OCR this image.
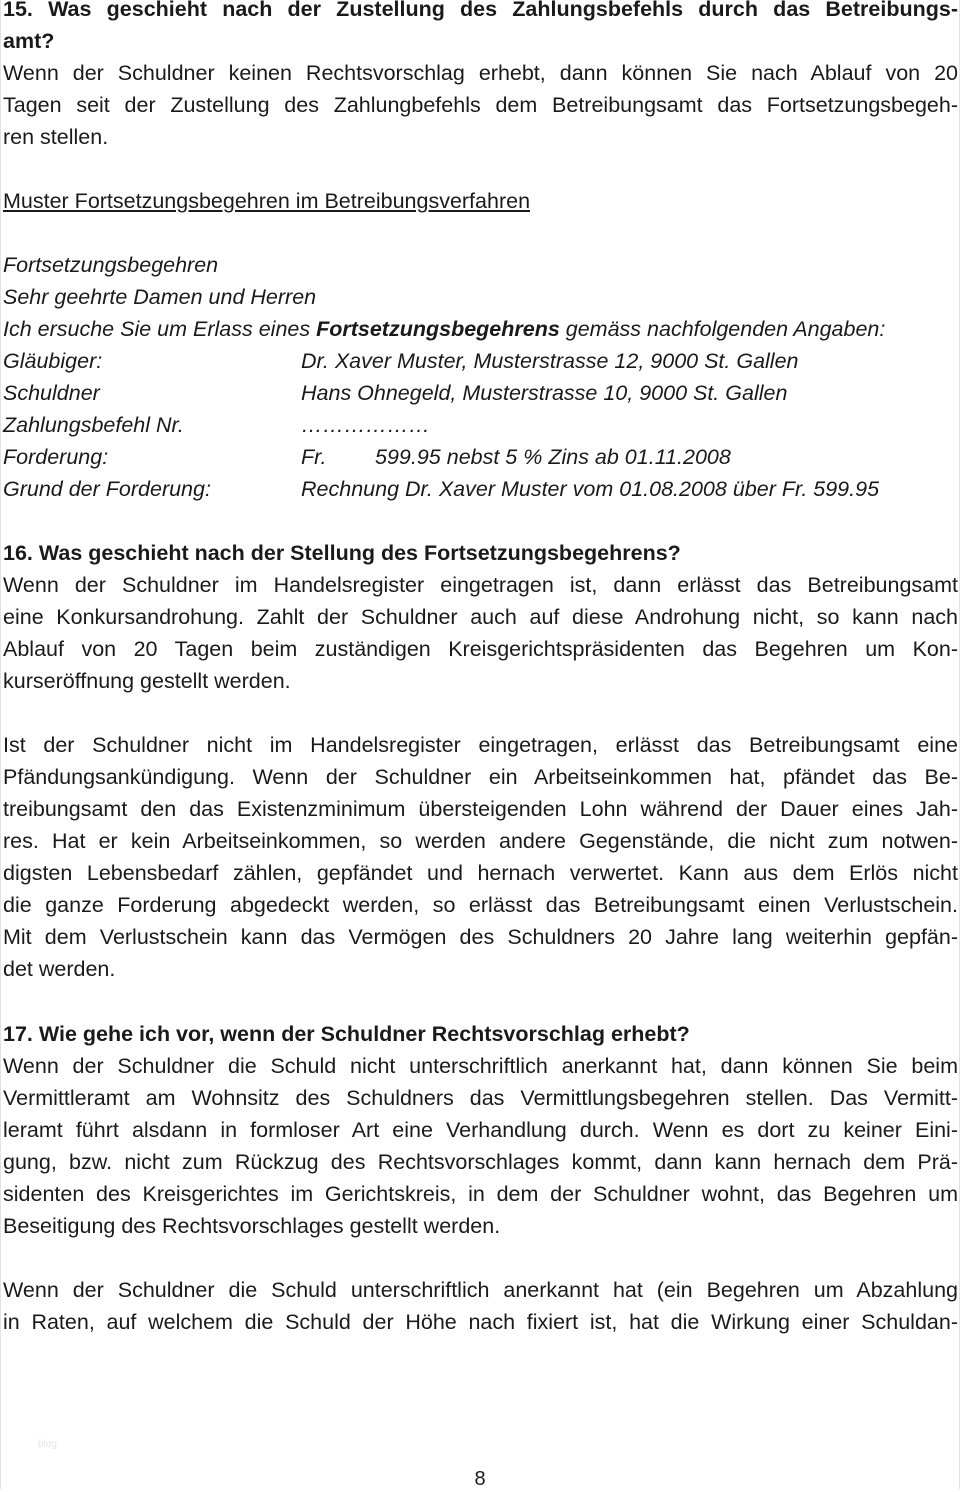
15. Was geschieht nach der Zustellung des Zahlungsbefehls durch das Betreibungs-
amt?
Wenn der Schuldner keinen Rechtsvorschlag erhebt, dann können Sie nach Ablauf von 20
Tagen seit der Zustellung des Zahlungbefehls dem Betreibungsamt das Fortsetzungsbegeh-
ren stellen.
Muster Fortsetzungsbegehren im Betreibungsverfahren
Fortsetzungsbegehren
Sehr geehrte Damen und Herren
Ich ersuche Sie um Erlass eines Fortsetzungsbegehrens gemäss nachfolgenden Angaben:
Gläubiger:	Dr. Xaver Muster, Musterstrasse 12, 9000 St. Gallen
Schuldner	Hans Ohnegeld, Musterstrasse 10, 9000 St. Gallen
Zahlungsbefehl Nr.	………………
Forderung:	Fr. 599.95 nebst 5 % Zins ab 01.11.2008
Grund der Forderung:	Rechnung Dr. Xaver Muster vom 01.08.2008 über Fr. 599.95
16. Was geschieht nach der Stellung des Fortsetzungsbegehrens?
Wenn der Schuldner im Handelsregister eingetragen ist, dann erlässt das Betreibungsamt
eine Konkursandrohung. Zahlt der Schuldner auch auf diese Androhung nicht, so kann nach
Ablauf von 20 Tagen beim zuständigen Kreisgerichtspräsidenten das Begehren um Kon-
kurseröffnung gestellt werden.
Ist der Schuldner nicht im Handelsregister eingetragen, erlässt das Betreibungsamt eine
Pfändungsankündigung. Wenn der Schuldner ein Arbeitseinkommen hat, pfändet das Be-
treibungsamt den das Existenzminimum übersteigenden Lohn während der Dauer eines Jah-
res. Hat er kein Arbeitseinkommen, so werden andere Gegenstände, die nicht zum notwen-
digsten Lebensbedarf zählen, gepfändet und hernach verwertet. Kann aus dem Erlös nicht
die ganze Forderung abgedeckt werden, so erlässt das Betreibungsamt einen Verlustschein.
Mit dem Verlustschein kann das Vermögen des Schuldners 20 Jahre lang weiterhin gepfän-
det werden.
17. Wie gehe ich vor, wenn der Schuldner Rechtsvorschlag erhebt?
Wenn der Schuldner die Schuld nicht unterschriftlich anerkannt hat, dann können Sie beim
Vermittleramt am Wohnsitz des Schuldners das Vermittlungsbegehren stellen. Das Vermitt-
leramt führt alsdann in formloser Art eine Verhandlung durch. Wenn es dort zu keiner Eini-
gung, bzw. nicht zum Rückzug des Rechtsvorschlages kommt, dann kann hernach dem Prä-
sidenten des Kreisgerichtes im Gerichtskreis, in dem der Schuldner wohnt, das Begehren um
Beseitigung des Rechtsvorschlages gestellt werden.
Wenn der Schuldner die Schuld unterschriftlich anerkannt hat (ein Begehren um Abzahlung
in Raten, auf welchem die Schuld der Höhe nach fixiert ist, hat die Wirkung einer Schuldan-
blog
8
